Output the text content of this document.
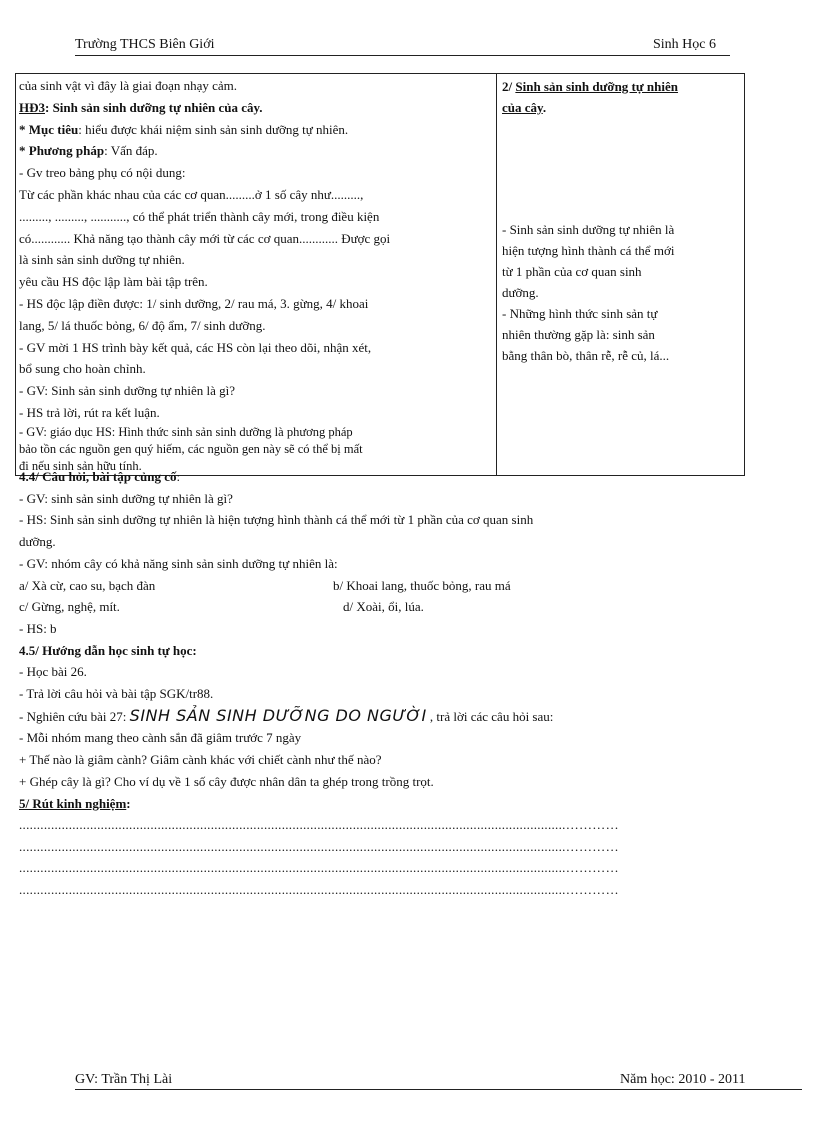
Trường THCS Biên Giới	Sinh Học 6
của sinh vật vì đây là giai đoạn nhạy cảm.
HĐ3: Sinh sản sinh dưỡng tự nhiên của cây.
* Mục tiêu: hiểu được khái niệm sinh sản sinh dưỡng tự nhiên.
* Phương pháp: Vấn đáp.
- Gv treo bảng phụ có nội dung:
Từ các phần khác nhau của các cơ quan.........ở 1 số cây như.........,
........., ........., ..........., có thể phát triển thành cây mới, trong điều kiện
có............ Khả năng tạo thành cây mới từ các cơ quan............ Được gọi
là sinh sản sinh dưỡng tự nhiên.
yêu cầu HS độc lập làm bài tập trên.
- HS độc lập điền được: 1/ sinh dưỡng, 2/ rau má, 3. gừng, 4/ khoai
lang, 5/ lá thuốc bỏng, 6/ độ ẩm, 7/ sinh dưỡng.
- GV mời 1 HS trình bày kết quả, các HS còn lại theo dõi, nhận xét,
bổ sung cho hoàn chỉnh.
- GV: Sinh sản sinh dưỡng tự nhiên là gì?
- HS trả lời, rút ra kết luận.
- GV: giáo dục HS: Hình thức sinh sản sinh dưỡng là phương pháp
bảo tồn các nguồn gen quý hiếm, các nguồn gen này sẽ có thể bị mất
đi nếu sinh sản hữu tính.

2/ Sinh sản sinh dưỡng tự nhiên
của cây.
- Sinh sản sinh dưỡng tự nhiên là
hiện tượng hình thành cá thể mới
từ 1 phần của cơ quan sinh
dưỡng.
- Những hình thức sinh sản tự
nhiên thường gặp là: sinh sản
bằng thân bò, thân rễ, rễ củ, lá...
4.4/ Câu hỏi, bài tập củng cố:
- GV: sinh sản sinh dưỡng tự nhiên là gì?
- HS: Sinh sản sinh dưỡng tự nhiên là hiện tượng hình thành cá thể mới từ 1 phần của cơ quan sinh
dưỡng.
- GV: nhóm cây có khả năng sinh sản sinh dưỡng tự nhiên là:
a/ Xà cừ, cao su, bạch đàn	b/ Khoai lang, thuốc bỏng, rau má
c/ Gừng, nghệ, mít.	d/ Xoài, ổi, lúa.
- HS: b
4.5/ Hướng dẫn học sinh tự học:
- Học bài 26.
- Trả lời câu hỏi và bài tập SGK/tr88.
- Nghiên cứu bài 27: SINH SẢN SINH DƯỠNG DO NGƯỜI , trả lời các câu hỏi sau:
- Mỗi nhóm mang theo cành sắn đã giâm trước 7 ngày
+ Thế nào là giâm cành? Giâm cành khác với chiết cành như thế nào?
+ Ghép cây là gì? Cho ví dụ về 1 số cây được nhân dân ta ghép trong trồng trọt.
5/ Rút kinh nghiệm:
..........................................................................................................................................................…………
..........................................................................................................................................................…………
..........................................................................................................................................................…………
..........................................................................................................................................................…………
GV: Trần Thị Lài	Năm học: 2010 - 2011
